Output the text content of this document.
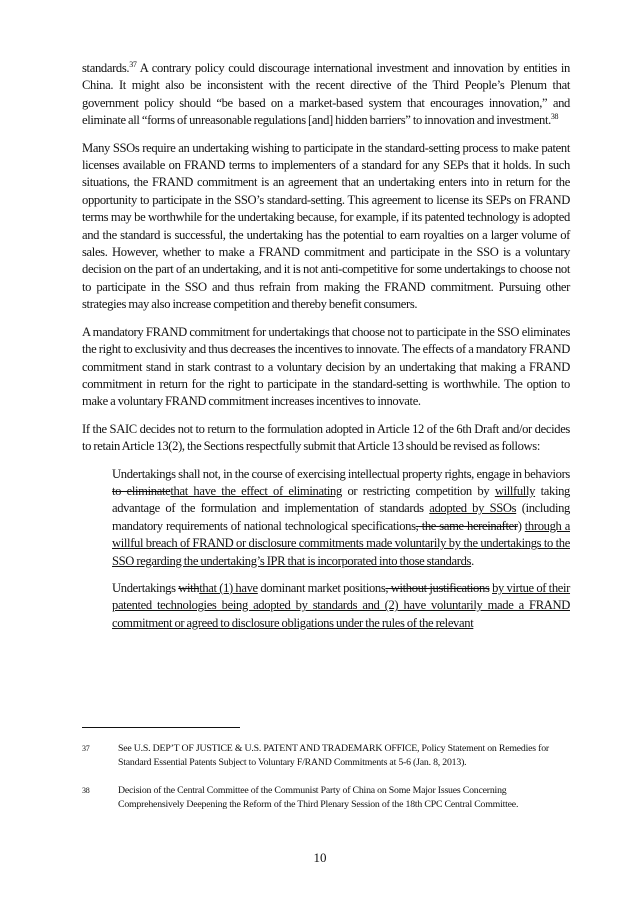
standards.$^{37}$ A contrary policy could discourage international investment and innovation by entities in China. It might also be inconsistent with the recent directive of the Third People’s Plenum that government policy should “be based on a market-based system that encourages innovation,” and eliminate all “forms of unreasonable regulations [and] hidden barriers” to innovation and investment.$^{38}$

Many SSOs require an undertaking wishing to participate in the standard-setting process to make patent licenses available on FRAND terms to implementers of a standard for any SEPs that it holds. In such situations, the FRAND commitment is an agreement that an undertaking enters into in return for the opportunity to participate in the SSO’s standard-setting. This agreement to license its SEPs on FRAND terms may be worthwhile for the undertaking because, for example, if its patented technology is adopted and the standard is successful, the undertaking has the potential to earn royalties on a larger volume of sales. However, whether to make a FRAND commitment and participate in the SSO is a voluntary decision on the part of an undertaking, and it is not anti-competitive for some undertakings to choose not to participate in the SSO and thus refrain from making the FRAND commitment. Pursuing other strategies may also increase competition and thereby benefit consumers.

A mandatory FRAND commitment for undertakings that choose not to participate in the SSO eliminates the right to exclusivity and thus decreases the incentives to innovate. The effects of a mandatory FRAND commitment stand in stark contrast to a voluntary decision by an undertaking that making a FRAND commitment in return for the right to participate in the standard-setting is worthwhile. The option to make a voluntary FRAND commitment increases incentives to innovate.

If the SAIC decides not to return to the formulation adopted in Article 12 of the 6th Draft and/or decides to retain Article 13(2), the Sections respectfully submit that Article 13 should be revised as follows:

Undertakings shall not, in the course of exercising intellectual property rights, engage in behaviors to eliminatethat have the effect of eliminating or restricting competition by willfully taking advantage of the formulation and implementation of standards adopted by SSOs (including mandatory requirements of national technological specifications, the same hereinafter) through a willful breach of FRAND or disclosure commitments made voluntarily by the undertakings to the SSO regarding the undertaking’s IPR that is incorporated into those standards.

Undertakings withthat (1) have dominant market positions, without justifications by virtue of their patented technologies being adopted by standards and (2) have voluntarily made a FRAND commitment or agreed to disclosure obligations under the rules of the relevant

37	See U.S. DEP’T OF JUSTICE & U.S. PATENT AND TRADEMARK OFFICE, Policy Statement on Remedies for Standard Essential Patents Subject to Voluntary F/RAND Commitments at 5-6 (Jan. 8, 2013).
38	Decision of the Central Committee of the Communist Party of China on Some Major Issues Concerning Comprehensively Deepening the Reform of the Third Plenary Session of the 18th CPC Central Committee.
10
